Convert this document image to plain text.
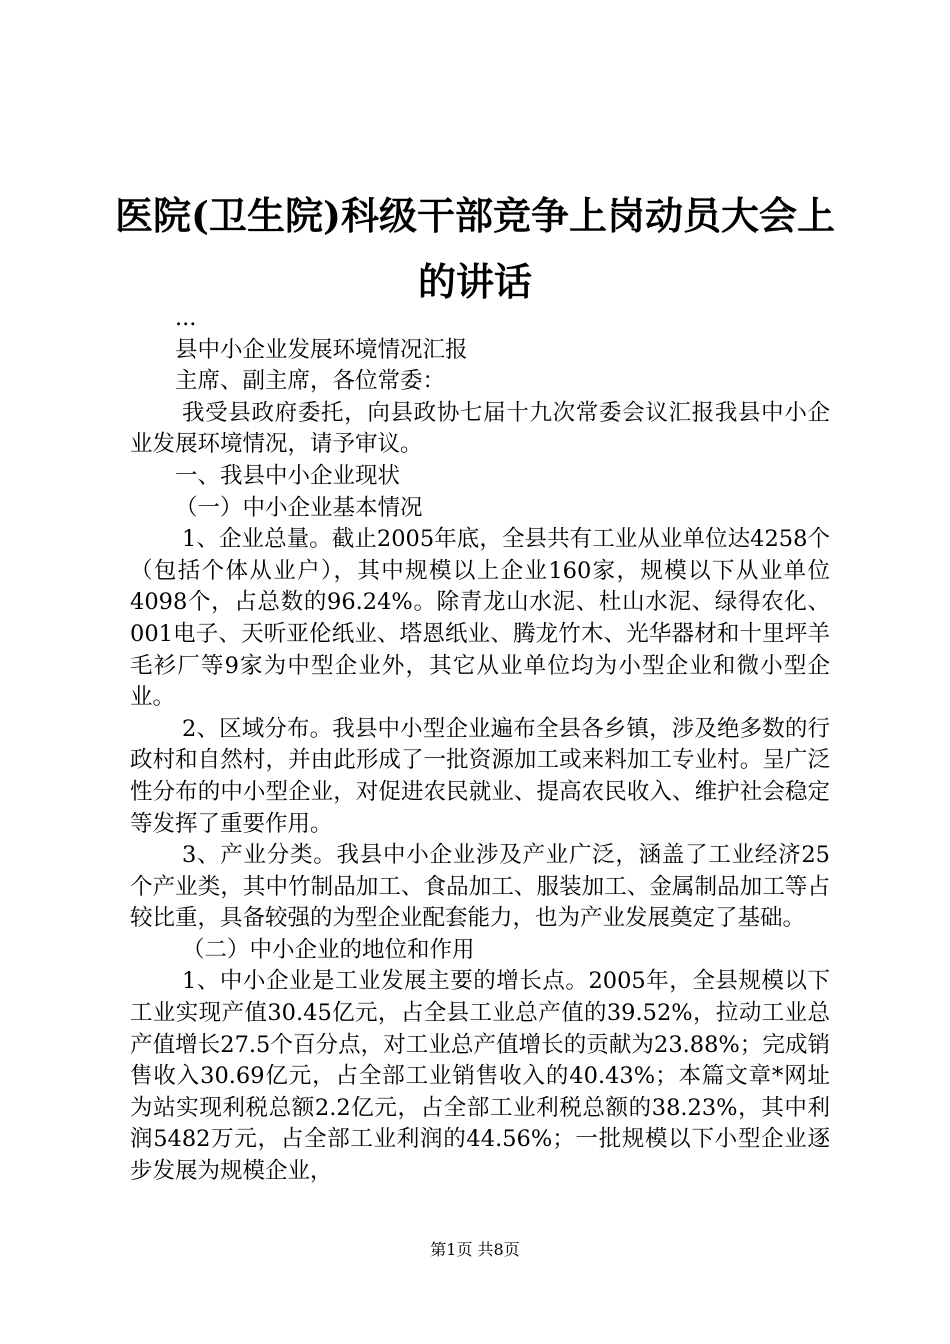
医院(卫生院)科级干部竞争上岗动员大会上的讲话

...

县中小企业发展环境情况汇报

主席、副主席，各位常委：

我受县政府委托，向县政协七届十九次常委会议汇报我县中小企业发展环境情况，请予审议。

一、我县中小企业现状

（一）中小企业基本情况

1、企业总量。截止2005年底，全县共有工业从业单位达4258个（包括个体从业户），其中规模以上企业160家，规模以下从业单位4098个，占总数的96.24%。除青龙山水泥、杜山水泥、绿得农化、001电子、天听亚伦纸业、塔恩纸业、腾龙竹木、光华器材和十里坪羊毛衫厂等9家为中型企业外，其它从业单位均为小型企业和微小型企业。

2、区域分布。我县中小型企业遍布全县各乡镇，涉及绝多数的行政村和自然村，并由此形成了一批资源加工或来料加工专业村。呈广泛性分布的中小型企业，对促进农民就业、提高农民收入、维护社会稳定等发挥了重要作用。

3、产业分类。我县中小企业涉及产业广泛，涵盖了工业经济25个产业类，其中竹制品加工、食品加工、服装加工、金属制品加工等占较比重，具备较强的为型企业配套能力，也为产业发展奠定了基础。

（二）中小企业的地位和作用

1、中小企业是工业发展主要的增长点。2005年，全县规模以下工业实现产值30.45亿元，占全县工业总产值的39.52%，拉动工业总产值增长27.5个百分点，对工业总产值增长的贡献为23.88%；完成销售收入30.69亿元，占全部工业销售收入的40.43%；本篇文章*网址为站实现利税总额2.2亿元，占全部工业利税总额的38.23%，其中利润5482万元，占全部工业利润的44.56%；一批规模以下小型企业逐步发展为规模企业，

第1页 共8页
